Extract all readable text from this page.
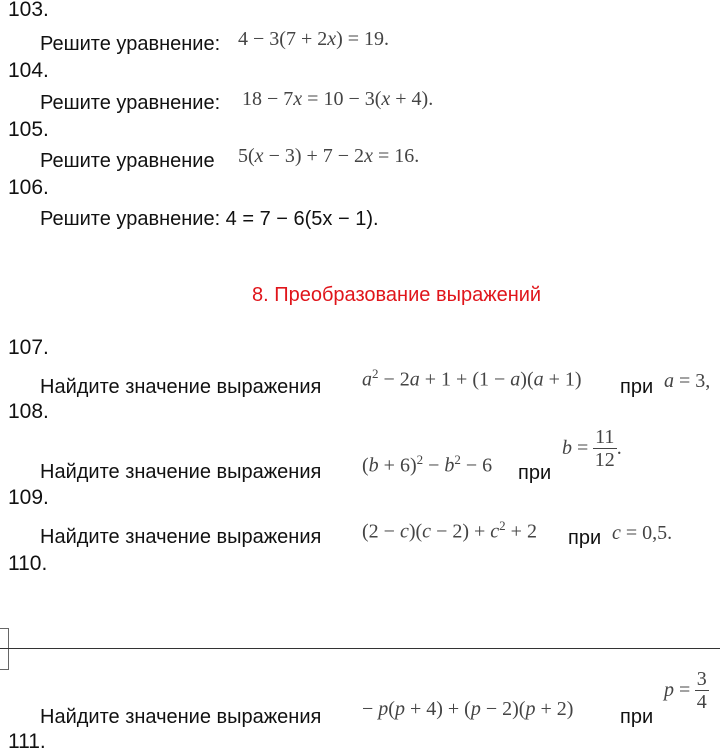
103.
Решите уравнение: 4 − 3(7 + 2x) = 19.
104.
Решите уравнение: 18 − 7x = 10 − 3(x + 4).
105.
Решите уравнение 5(x − 3) + 7 − 2x = 16.
106.
Решите уравнение: 4 = 7 − 6(5x − 1).
8. Преобразование выражений
107.
Найдите значение выражения $a^2 - 2a + 1 + (1 - a)(a + 1)$ при a = 3,
108.
Найдите значение выражения $(b + 6)^2 - b^2 - 6$ при
$b = \frac{11}{12}$ .
109.
Найдите значение выражения $(2 - c)(c - 2) + c^2 + 2$ при c = 0,5.
110.
Найдите значение выражения − p(p + 4) + (p − 2)(p + 2) при
$p = \frac{3}{4}$
111.
